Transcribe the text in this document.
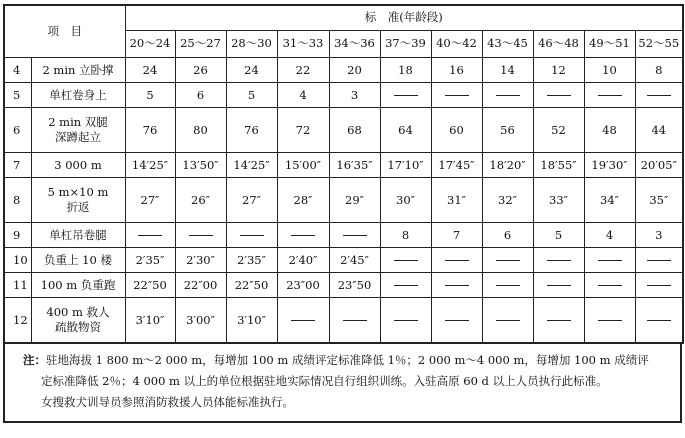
项　目		标　准(年龄段)										
		20～24	25～27	28～30	31～33	34～36	37～39	40～42	43～45	46～48	49～51	52～55
4	2 min 立卧撑	24	26	24	22	20	18	16	14	12	10	8
5	单杠卷身上	5	6	5	4	3						
6	2 min 双腿
深蹲起立	76	80	76	72	68	64	60	56	52	48	44
7	3 000 m	14′25″	13′50″	14′25″	15′00″	16′35″	17′10″	17′45″	18′20″	18′55″	19′30″	20′05″
8	5 m×10 m
折返	27″	26″	27″	28″	29″	30″	31″	32″	33″	34″	35″
9	单杠吊卷腿						8	7	6	5	4	3
10	负重上 10 楼	2′35″	2′30″	2′35″	2′40″	2′45″						
11	100 m 负重跑	22″50	22″00	22″50	23″00	23″50						
12	400 m 救人
疏散物资	3′10″	3′00″	3′10″								
注：驻地海拔 1 800 m～2 000 m，每增加 100 m 成绩评定标准降低 1％；2 000 m～4 000 m，每增加 100 m 成绩评
定标准降低 2％；4 000 m 以上的单位根据驻地实际情况自行组织训练。入驻高原 60 d 以上人员执行此标准。
女搜救犬训导员参照消防救援人员体能标准执行。
